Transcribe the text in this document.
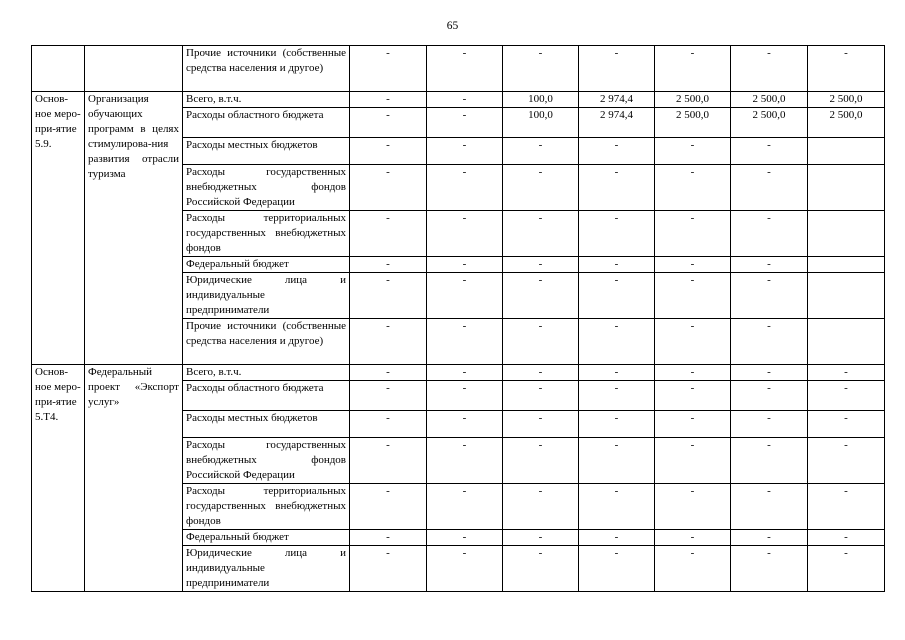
65
		Прочие источники (собственные средства населения и другое)	-	-	-	-	-	-	-
Основ-ное меро-при-ятие 5.9.	Организация обучающих программ в целях стимулирова-ния развития отрасли туризма	Всего, в.т.ч.	-	-	100,0	2 974,4	2 500,0	2 500,0	2 500,0
		Расходы областного бюджета	-	-	100,0	2 974,4	2 500,0	2 500,0	2 500,0
		Расходы местных бюджетов	-	-	-	-	-	-	
		Расходы государственных внебюджетных фондов Российской Федерации	-	-	-	-	-	-	
		Расходы территориальных государственных внебюджетных фондов	-	-	-	-	-	-	
		Федеральный бюджет	-	-	-	-	-	-	
		Юридические лица и индивидуальные предприниматели	-	-	-	-	-	-	
		Прочие источники (собственные средства населения и другое)	-	-	-	-	-	-	
Основ-ное меро-при-ятие 5.Т4.	Федеральный проект «Экспорт услуг»	Всего, в.т.ч.	-	-	-	-	-	-	-
		Расходы областного бюджета	-	-	-	-	-	-	-
		Расходы местных бюджетов	-	-	-	-	-	-	-
		Расходы государственных внебюджетных фондов Российской Федерации	-	-	-	-	-	-	-
		Расходы территориальных государственных внебюджетных фондов	-	-	-	-	-	-	-
		Федеральный бюджет	-	-	-	-	-	-	-
		Юридические лица и индивидуальные предприниматели	-	-	-	-	-	-	-
